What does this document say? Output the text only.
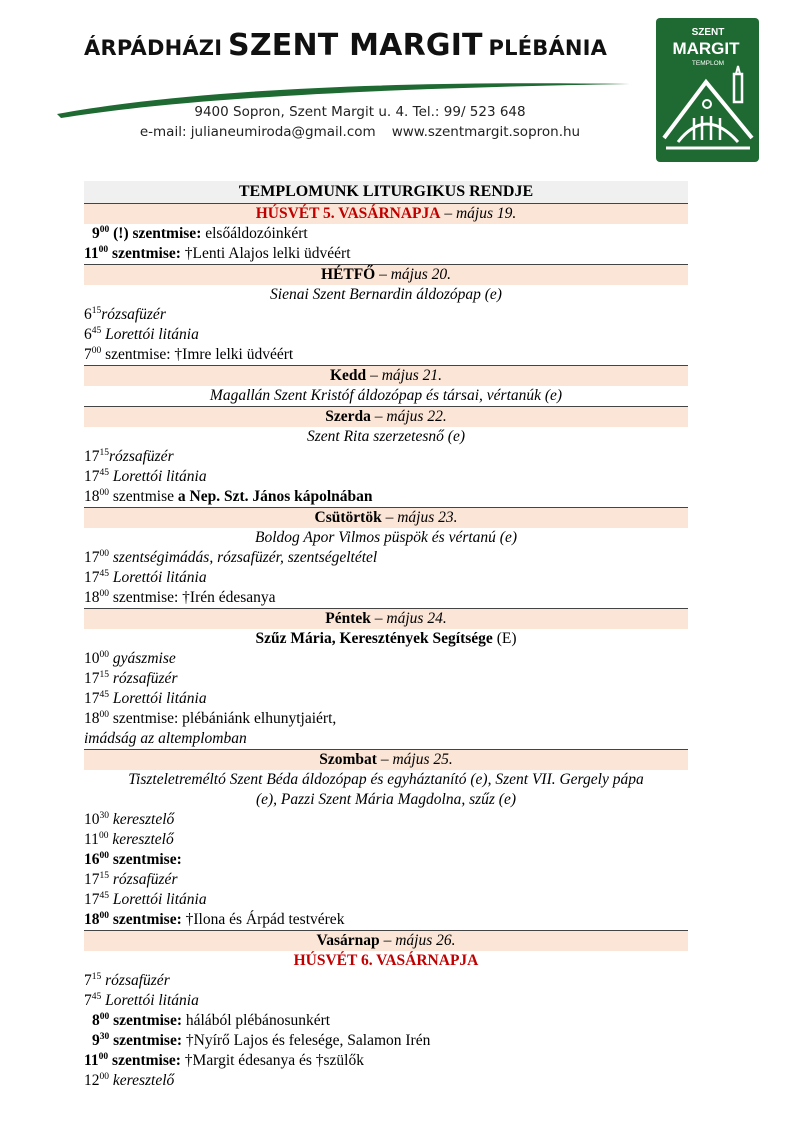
ÁRPÁDHÁZI SZENT MARGIT PLÉBÁNIA
9400 Sopron, Szent Margit u. 4. Tel.: 99/ 523 648
e-mail: julianeumiroda@gmail.com www.szentmargit.sopron.hu
SZENT
MARGIT
TEMPLOM
TEMPLOMUNK LITURGIKUS RENDJE
HÚSVÉT 5. VASÁRNAPJA – május 19.
$9^{00}$ (!) szentmise: elsőáldozóinkért
$11^{00}$ szentmise: †Lenti Alajos lelki üdvéért
HÉTFŐ – május 20.
Sienai Szent Bernardin áldozópap (e)
$6^{15}rózsafüzér$
$6^{45}$ Lorettói litánia
$7^{00}$ szentmise: †Imre lelki üdvéért
Kedd – május 21.
Magallán Szent Kristóf áldozópap és társai, vértanúk (e)
Szerda – május 22.
Szent Rita szerzetesnő (e)
$17^{15}rózsafüzér$
$17^{45}$ Lorettói litánia
$18^{00}$ szentmise a Nep. Szt. János kápolnában
Csütörtök – május 23.
Boldog Apor Vilmos püspök és vértanú (e)
$17^{00}$ szentségimádás, rózsafüzér, szentségeltétel
$17^{45}$ Lorettói litánia
$18^{00}$ szentmise: †Irén édesanya
Péntek – május 24.
Szűz Mária, Keresztények Segítsége (E)
$10^{00}$ gyászmise
$17^{15}$ rózsafüzér
$17^{45}$ Lorettói litánia
$18^{00}$ szentmise: plébániánk elhunytjaiért,
imádság az altemplomban
Szombat – május 25.
Tiszteletreméltó Szent Béda áldozópap és egyháztanító (e), Szent VII. Gergely pápa
(e), Pazzi Szent Mária Magdolna, szűz (e)
$10^{30}$ keresztelő
$11^{00}$ keresztelő
$16^{00}$ szentmise:
$17^{15}$ rózsafüzér
$17^{45}$ Lorettói litánia
$18^{00}$ szentmise: †Ilona és Árpád testvérek
Vasárnap – május 26.
HÚSVÉT 6. VASÁRNAPJA
$7^{15}$ rózsafüzér
$7^{45}$ Lorettói litánia
$8^{00}$ szentmise: hálából plébánosunkért
$9^{30}$ szentmise: †Nyírő Lajos és felesége, Salamon Irén
$11^{00}$ szentmise: †Margit édesanya és †szülők
$12^{00}$ keresztelő
